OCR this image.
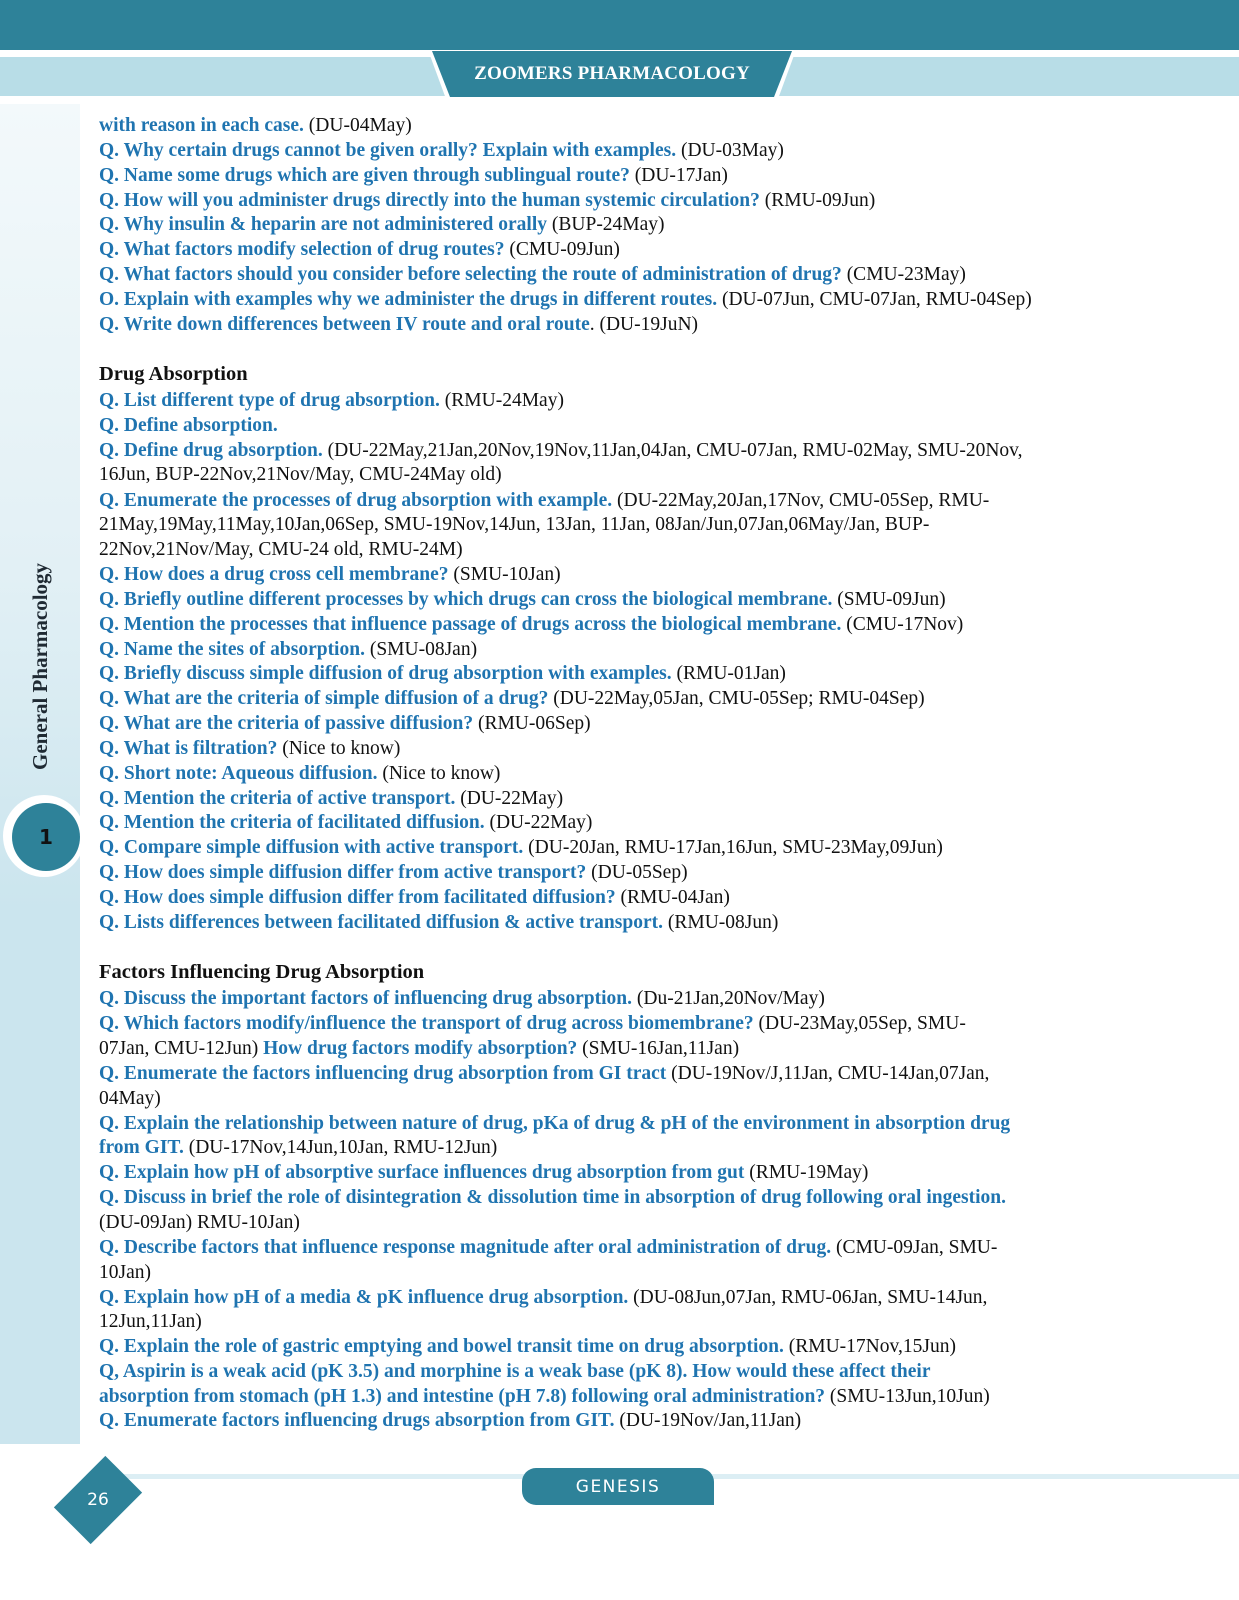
ZOOMERS PHARMACOLOGY
General Pharmacology
1
with reason in each case. (DU-04May)
Q. Why certain drugs cannot be given orally? Explain with examples. (DU-03May)
Q. Name some drugs which are given through sublingual route? (DU-17Jan)
Q. How will you administer drugs directly into the human systemic circulation? (RMU-09Jun)
Q. Why insulin & heparin are not administered orally (BUP-24May)
Q. What factors modify selection of drug routes? (CMU-09Jun)
Q. What factors should you consider before selecting the route of administration of drug? (CMU-23May)
O. Explain with examples why we administer the drugs in different routes. (DU-07Jun, CMU-07Jan, RMU-04Sep)
Q. Write down differences between IV route and oral route. (DU-19JuN)
Drug Absorption
Q. List different type of drug absorption. (RMU-24May)
Q. Define absorption.
Q. Define drug absorption. (DU-22May,21Jan,20Nov,19Nov,11Jan,04Jan, CMU-07Jan, RMU-02May, SMU-20Nov,
16Jun, BUP-22Nov,21Nov/May, CMU-24May old)
Q. Enumerate the processes of drug absorption with example. (DU-22May,20Jan,17Nov, CMU-05Sep, RMU-
21May,19May,11May,10Jan,06Sep, SMU-19Nov,14Jun, 13Jan, 11Jan, 08Jan/Jun,07Jan,06May/Jan, BUP-
22Nov,21Nov/May, CMU-24 old, RMU-24M)
Q. How does a drug cross cell membrane? (SMU-10Jan)
Q. Briefly outline different processes by which drugs can cross the biological membrane. (SMU-09Jun)
Q. Mention the processes that influence passage of drugs across the biological membrane. (CMU-17Nov)
Q. Name the sites of absorption. (SMU-08Jan)
Q. Briefly discuss simple diffusion of drug absorption with examples. (RMU-01Jan)
Q. What are the criteria of simple diffusion of a drug? (DU-22May,05Jan, CMU-05Sep; RMU-04Sep)
Q. What are the criteria of passive diffusion? (RMU-06Sep)
Q. What is filtration? (Nice to know)
Q. Short note: Aqueous diffusion. (Nice to know)
Q. Mention the criteria of active transport. (DU-22May)
Q. Mention the criteria of facilitated diffusion. (DU-22May)
Q. Compare simple diffusion with active transport. (DU-20Jan, RMU-17Jan,16Jun, SMU-23May,09Jun)
Q. How does simple diffusion differ from active transport? (DU-05Sep)
Q. How does simple diffusion differ from facilitated diffusion? (RMU-04Jan)
Q. Lists differences between facilitated diffusion & active transport. (RMU-08Jun)
Factors Influencing Drug Absorption
Q. Discuss the important factors of influencing drug absorption. (Du-21Jan,20Nov/May)
Q. Which factors modify/influence the transport of drug across biomembrane? (DU-23May,05Sep, SMU-
07Jan, CMU-12Jun) How drug factors modify absorption? (SMU-16Jan,11Jan)
Q. Enumerate the factors influencing drug absorption from GI tract (DU-19Nov/J,11Jan, CMU-14Jan,07Jan,
04May)
Q. Explain the relationship between nature of drug, pKa of drug & pH of the environment in absorption drug
from GIT. (DU-17Nov,14Jun,10Jan, RMU-12Jun)
Q. Explain how pH of absorptive surface influences drug absorption from gut (RMU-19May)
Q. Discuss in brief the role of disintegration & dissolution time in absorption of drug following oral ingestion.
(DU-09Jan) RMU-10Jan)
Q. Describe factors that influence response magnitude after oral administration of drug. (CMU-09Jan, SMU-
10Jan)
Q. Explain how pH of a media & pK influence drug absorption. (DU-08Jun,07Jan, RMU-06Jan, SMU-14Jun,
12Jun,11Jan)
Q. Explain the role of gastric emptying and bowel transit time on drug absorption. (RMU-17Nov,15Jun)
Q, Aspirin is a weak acid (pK 3.5) and morphine is a weak base (pK 8). How would these affect their
absorption from stomach (pH 1.3) and intestine (pH 7.8) following oral administration? (SMU-13Jun,10Jun)
Q. Enumerate factors influencing drugs absorption from GIT. (DU-19Nov/Jan,11Jan)
26
GENESIS
